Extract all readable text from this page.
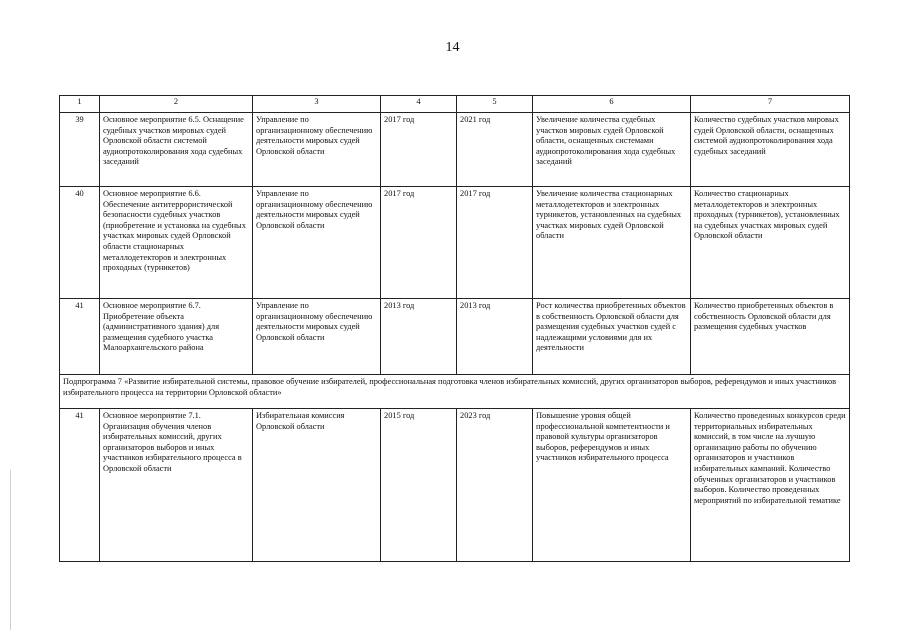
14
1	2	3	4	5	6	7
39	Основное мероприятие 6.5. Оснащение судебных участков мировых судей Орловской области системой аудиопротоколирования хода судебных заседаний	Управление по организационному обеспечению деятельности мировых судей Орловской области	2017 год	2021 год	Увеличение количества судебных участков мировых судей Орловской области, оснащенных системами аудиопротоколирования хода судебных заседаний	Количество судебных участков мировых судей Орловской области, оснащенных системой аудиопротоколирования хода судебных заседаний
40	Основное мероприятие 6.6. Обеспечение антитеррористической безопасности судебных участков (приобретение и установка на судебных участках мировых судей Орловской области стационарных металлодетекторов и электронных проходных (турникетов)	Управление по организационному обеспечению деятельности мировых судей Орловской области	2017 год	2017 год	Увеличение количества стационарных металлодетекторов и электронных турникетов, установленных на судебных участках мировых судей Орловской области	Количество стационарных металлодетекторов и электронных проходных (турникетов), установленных на судебных участках мировых судей Орловской области
41	Основное мероприятие 6.7. Приобретение объекта (административного здания) для размещения судебного участка Малоархангельского района	Управление по организационному обеспечению деятельности мировых судей Орловской области	2013 год	2013 год	Рост количества приобретенных объектов в собственность Орловской области для размещения судебных участков судей с надлежащими условиями для их деятельности	Количество приобретенных объектов в собственность Орловской области для размещения судебных участков
Подпрограмма 7 «Развитие избирательной системы, правовое обучение избирателей, профессиональная подготовка членов избирательных комиссий, других организаторов выборов, референдумов и иных участников избирательного процесса на территории Орловской области»						
41	Основное мероприятие 7.1. Организация обучения членов избирательных комиссий, других организаторов выборов и иных участников избирательного процесса в Орловской области	Избирательная комиссия Орловской области	2015 год	2023 год	Повышение уровня общей профессиональной компетентности и правовой культуры организаторов выборов, референдумов и иных участников избирательного процесса	Количество проведенных конкурсов среди территориальных избирательных комиссий, в том числе на лучшую организацию работы по обучению организаторов и участников избирательных кампаний. Количество обученных организаторов и участников выборов. Количество проведенных мероприятий по избирательной тематике
